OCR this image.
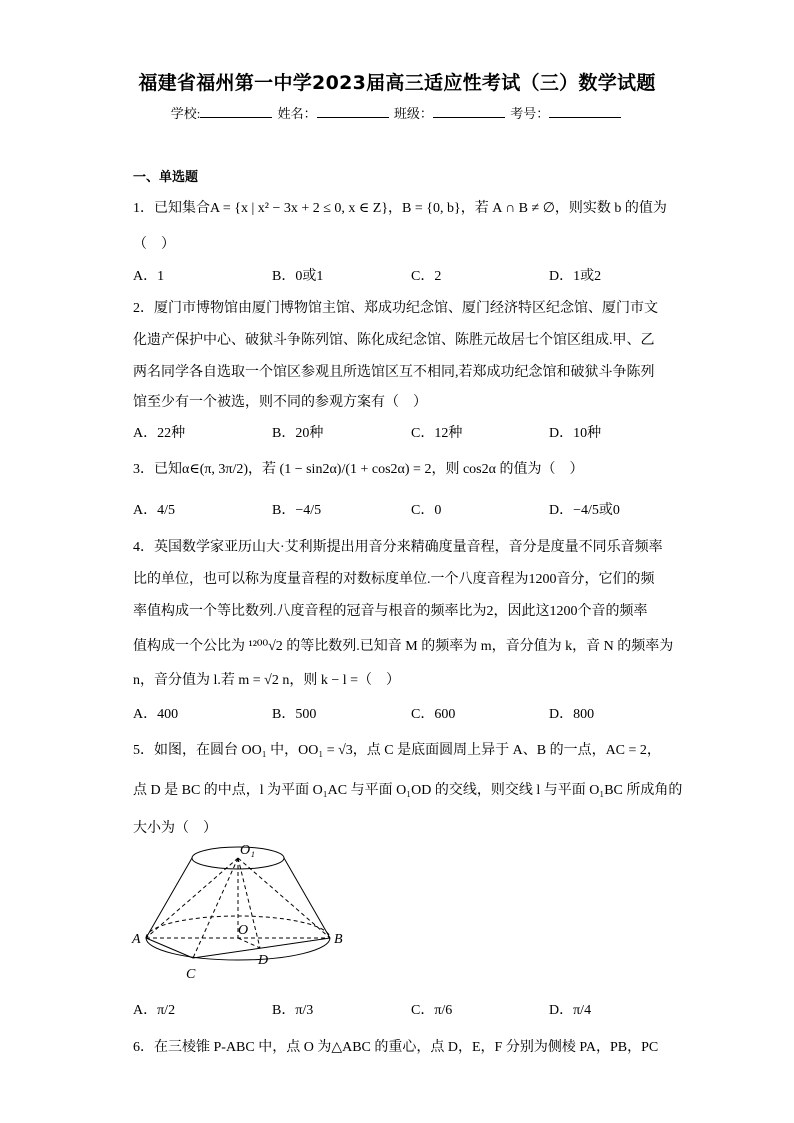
福建省福州第一中学2023届高三适应性考试（三）数学试题
学校:	姓名：	班级：	考号：
一、单选题
1．已知集合A = {x | x² − 3x + 2 ≤ 0, x ∈ Z}，B = {0, b}，若 A ∩ B ≠ ∅，则实数 b 的值为
（　）
A．1	B．0或1	C．2	D．1或2
2．厦门市博物馆由厦门博物馆主馆、郑成功纪念馆、厦门经济特区纪念馆、厦门市文
化遗产保护中心、破狱斗争陈列馆、陈化成纪念馆、陈胜元故居七个馆区组成.甲、乙
两名同学各自选取一个馆区参观且所选馆区互不相同,若郑成功纪念馆和破狱斗争陈列
馆至少有一个被选，则不同的参观方案有（　）
A．22种	B．20种	C．12种	D．10种
3．已知α∈(π, 3π/2)，若 (1 − sin2α)/(1 + cos2α) = 2，则 cos2α 的值为（　）
A．4/5	B．−4/5	C．0	D．−4/5或0
4．英国数学家亚历山大·艾利斯提出用音分来精确度量音程，音分是度量不同乐音频率
比的单位，也可以称为度量音程的对数标度单位.一个八度音程为1200音分，它们的频
率值构成一个等比数列.八度音程的冠音与根音的频率比为2，因此这1200个音的频率
值构成一个公比为 ¹²⁰⁰√2 的等比数列.已知音 M 的频率为 m，音分值为 k，音 N 的频率为
n，音分值为 l.若 m = √2 n，则 k − l =（　）
A．400	B．500	C．600	D．800
5．如图，在圆台 OO₁ 中，OO₁ = √3，点 C 是底面圆周上异于 A、B 的一点，AC = 2，
点 D 是 BC 的中点，l 为平面 O₁AC 与平面 O₁OD 的交线，则交线 l 与平面 O₁BC 所成角的
大小为（　）
O₁
A	B
O
C
D
A．π/2	B．π/3	C．π/6	D．π/4
6．在三棱锥 P-ABC 中，点 O 为△ABC 的重心，点 D，E，F 分别为侧棱 PA，PB，PC
